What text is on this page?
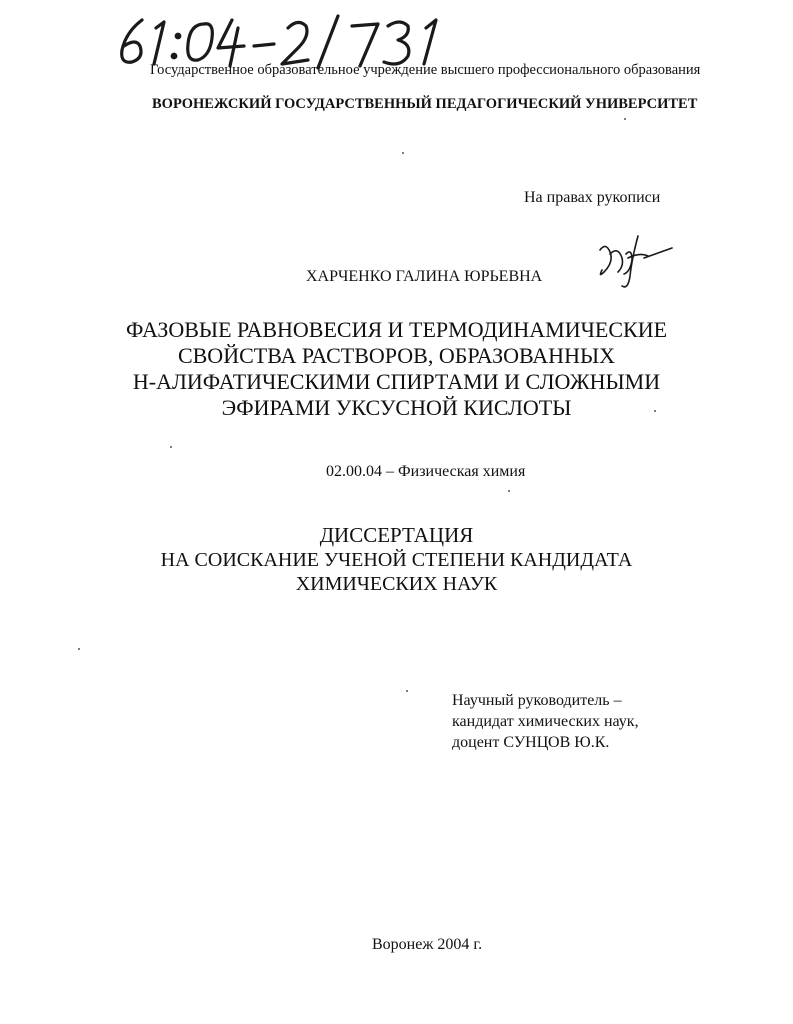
Государственное образовательное учреждение высшего профессионального образования
ВОРОНЕЖСКИЙ ГОСУДАРСТВЕННЫЙ ПЕДАГОГИЧЕСКИЙ УНИВЕРСИТЕТ
На правах рукописи
ХАРЧЕНКО ГАЛИНА ЮРЬЕВНА
ФАЗОВЫЕ РАВНОВЕСИЯ И ТЕРМОДИНАМИЧЕСКИЕ
СВОЙСТВА РАСТВОРОВ, ОБРАЗОВАННЫХ
Н-АЛИФАТИЧЕСКИМИ СПИРТАМИ И СЛОЖНЫМИ
ЭФИРАМИ УКСУСНОЙ КИСЛОТЫ
02.00.04 – Физическая химия
ДИССЕРТАЦИЯ
НА СОИСКАНИЕ УЧЕНОЙ СТЕПЕНИ КАНДИДАТА
ХИМИЧЕСКИХ НАУК
Научный руководитель –
кандидат химических наук,
доцент СУНЦОВ Ю.К.
Воронеж 2004 г.
